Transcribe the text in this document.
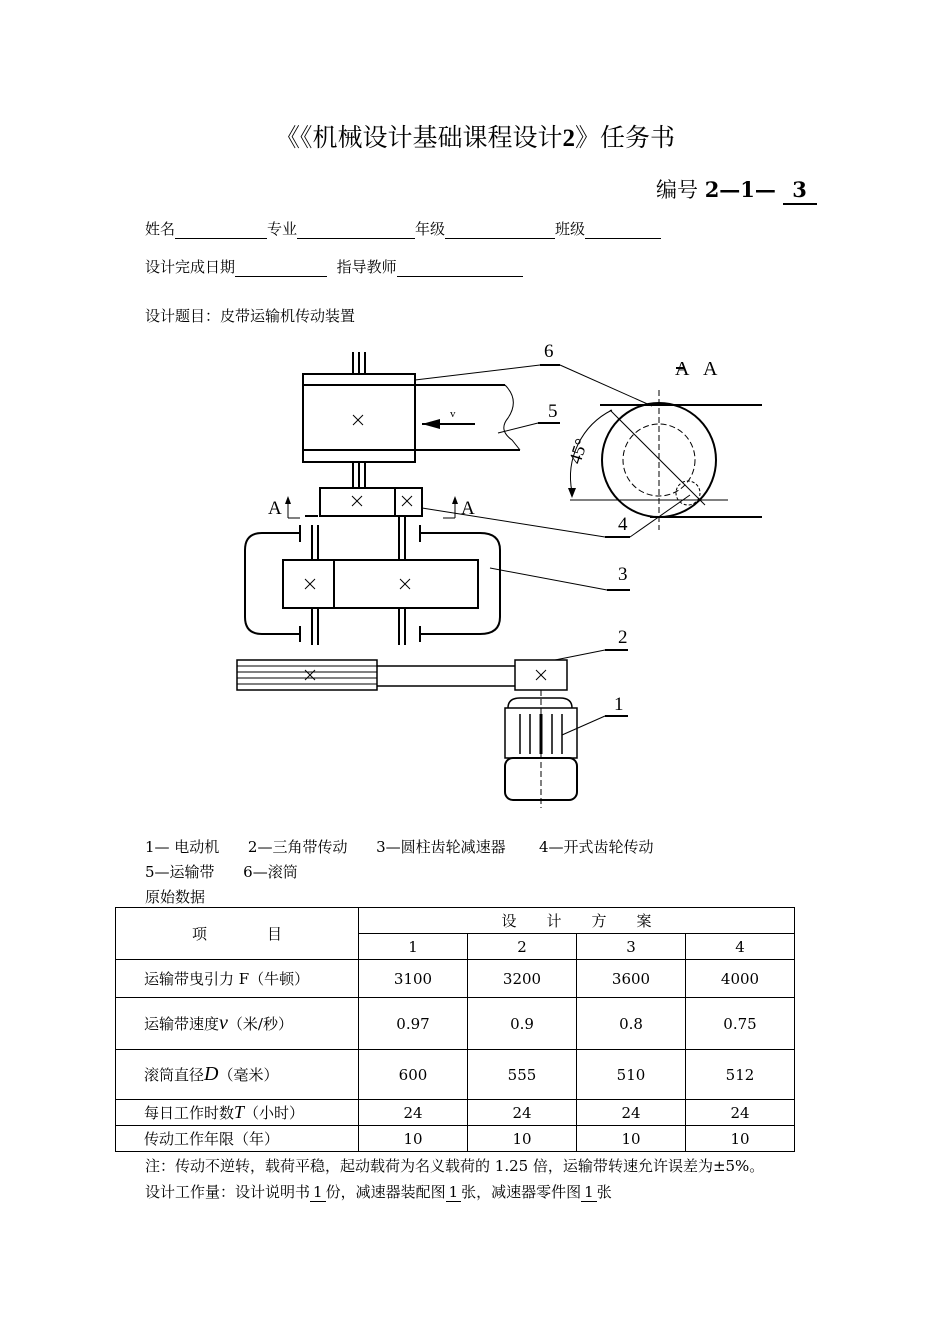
《《机械设计基础课程设计2》任务书
编号 2—1— 3
姓名	专业	年级	班级
设计完成日期	指导教师
设计题目：皮带运输机传动装置
6
5
4
3
2
1
A	A
A A
v
45°
1— 电动机 2—三角带传动 3—圆柱齿轮减速器 4—开式齿轮传动
5—运输带 6—滚筒
原始数据
项　　　　目	设　　计　　方　　案			
	1	2	3	4
运输带曳引力 F（牛顿）	3100	3200	3600	4000
运输带速度v（米/秒）	0.97	0.9	0.8	0.75
滚筒直径D（毫米）	600	555	510	512
每日工作时数T（小时）	24	24	24	24
传动工作年限（年）	10	10	10	10
注：传动不逆转，载荷平稳，起动载荷为名义载荷的 1.25 倍，运输带转速允许误差为±5%。
设计工作量：设计说明书 1 份，减速器装配图 1 张，减速器零件图 1 张
